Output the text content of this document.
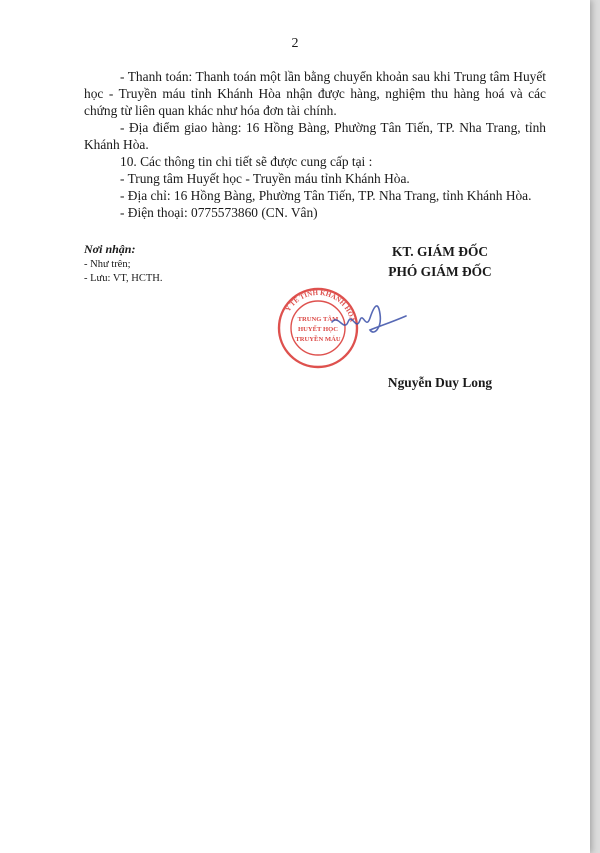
2

- Thanh toán: Thanh toán một lần bằng chuyển khoản sau khi Trung tâm Huyết học - Truyền máu tỉnh Khánh Hòa nhận được hàng, nghiệm thu hàng hoá và các chứng từ liên quan khác như hóa đơn tài chính.

- Địa điểm giao hàng: 16 Hồng Bàng, Phường Tân Tiến, TP. Nha Trang, tỉnh Khánh Hòa.

10. Các thông tin chi tiết sẽ được cung cấp tại :

- Trung tâm Huyết học - Truyền máu tỉnh Khánh Hòa.

- Địa chỉ: 16 Hồng Bàng, Phường Tân Tiến, TP. Nha Trang, tỉnh Khánh Hòa.

- Điện thoại: 0775573860 (CN. Vân)

Nơi nhận:
- Như trên;
- Lưu: VT, HCTH.
KT. GIÁM ĐỐC
PHÓ GIÁM ĐỐC
Y TẾ TỈNH KHÁNH HÒA
TRUNG TÂM
HUYẾT HỌC
TRUYỀN MÁU
Nguyễn Duy Long
